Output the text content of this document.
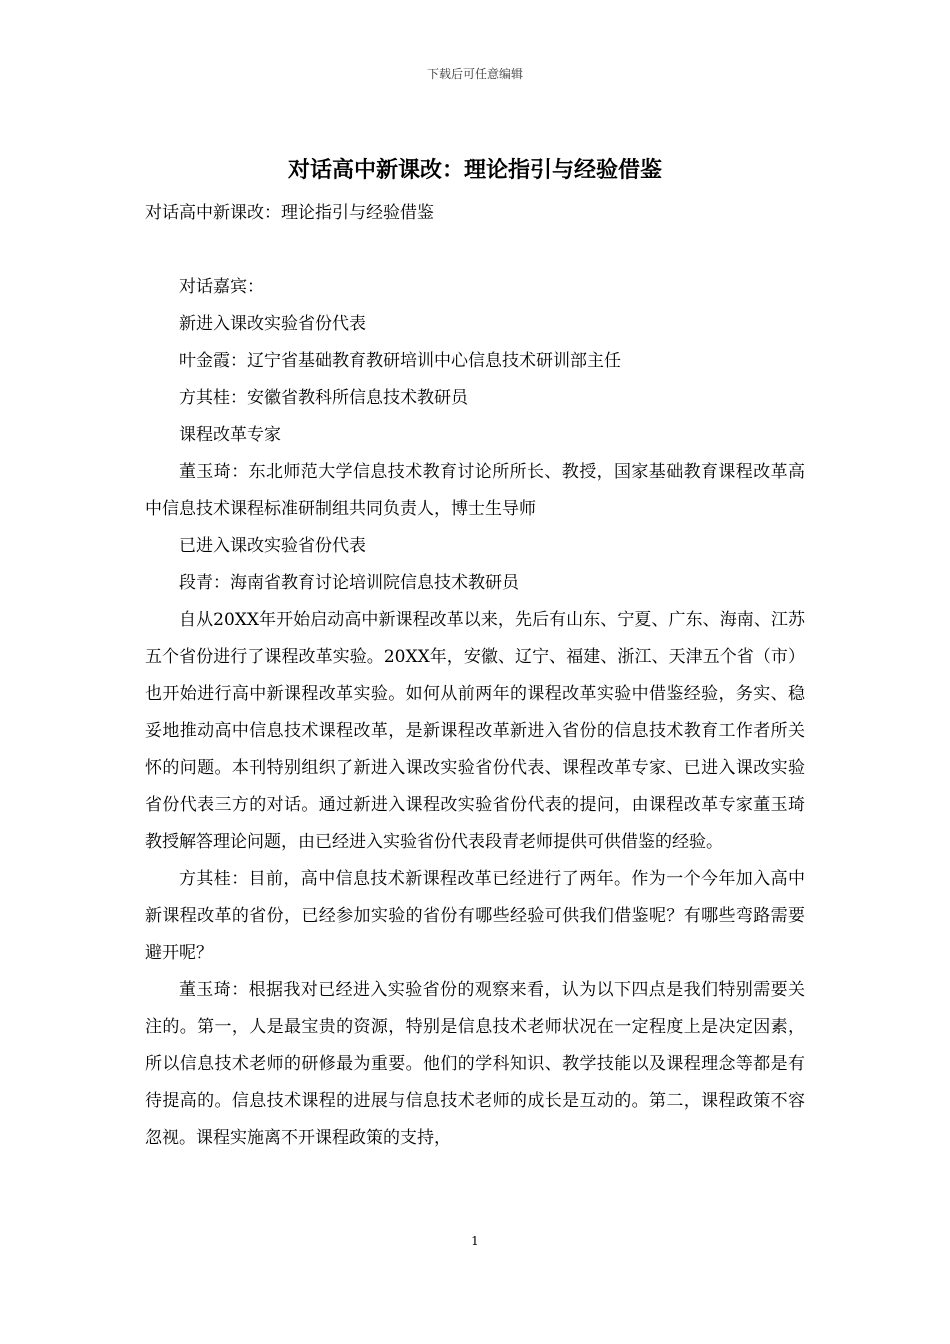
下载后可任意编辑
对话高中新课改：理论指引与经验借鉴

对话高中新课改：理论指引与经验借鉴

对话嘉宾：

新进入课改实验省份代表

叶金霞：辽宁省基础教育教研培训中心信息技术研训部主任

方其桂：安徽省教科所信息技术教研员

课程改革专家

董玉琦：东北师范大学信息技术教育讨论所所长、教授，国家基础教育课程改革高中信息技术课程标准研制组共同负责人，博士生导师

已进入课改实验省份代表

段青：海南省教育讨论培训院信息技术教研员

自从20XX年开始启动高中新课程改革以来，先后有山东、宁夏、广东、海南、江苏五个省份进行了课程改革实验。20XX年，安徽、辽宁、福建、浙江、天津五个省（市）也开始进行高中新课程改革实验。如何从前两年的课程改革实验中借鉴经验，务实、稳妥地推动高中信息技术课程改革，是新课程改革新进入省份的信息技术教育工作者所关怀的问题。本刊特别组织了新进入课改实验省份代表、课程改革专家、已进入课改实验省份代表三方的对话。通过新进入课程改实验省份代表的提问，由课程改革专家董玉琦教授解答理论问题，由已经进入实验省份代表段青老师提供可供借鉴的经验。

方其桂：目前，高中信息技术新课程改革已经进行了两年。作为一个今年加入高中新课程改革的省份，已经参加实验的省份有哪些经验可供我们借鉴呢？有哪些弯路需要避开呢？

董玉琦：根据我对已经进入实验省份的观察来看，认为以下四点是我们特别需要关注的。第一，人是最宝贵的资源，特别是信息技术老师状况在一定程度上是决定因素，所以信息技术老师的研修最为重要。他们的学科知识、教学技能以及课程理念等都是有待提高的。信息技术课程的进展与信息技术老师的成长是互动的。第二，课程政策不容忽视。课程实施离不开课程政策的支持，

1
